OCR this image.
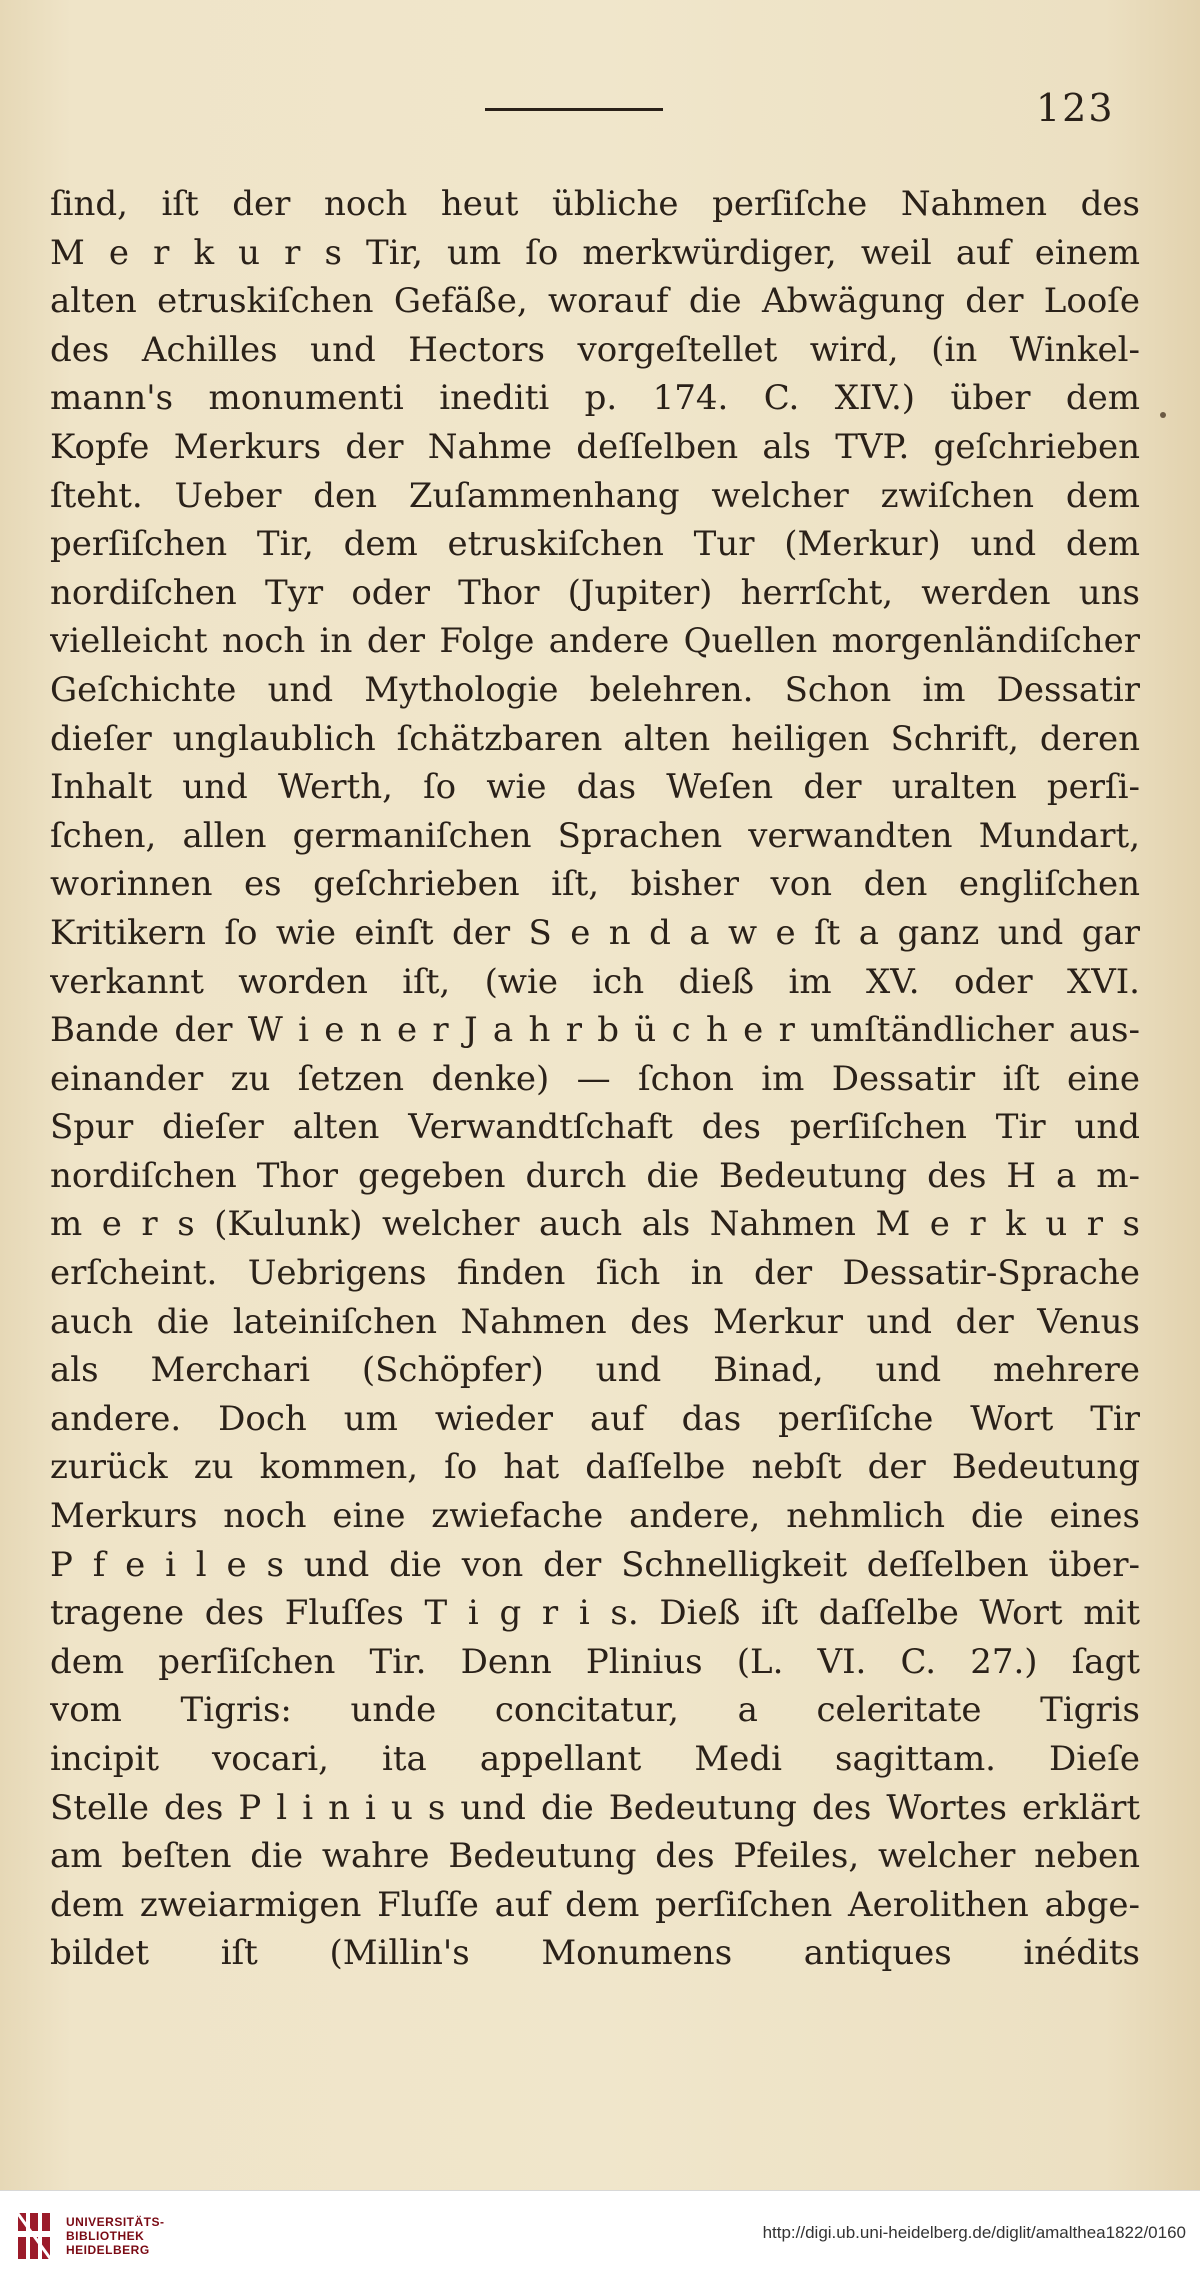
123
ſind, iſt der noch heut übliche perſiſche Nahmen des
M e r k u r s Tir, um ſo merkwürdiger, weil auf einem
alten etruskiſchen Gefäße, worauf die Abwägung der Looſe
des Achilles und Hectors vorgeſtellet wird, (in Winkel-
mann's monumenti inediti p. 174. C. XIV.) über dem
Kopfe Merkurs der Nahme deſſelben als TVP. geſchrieben
ſteht. Ueber den Zuſammenhang welcher zwiſchen dem
perſiſchen Tir, dem etruskiſchen Tur (Merkur) und dem
nordiſchen Tyr oder Thor (Jupiter) herrſcht, werden uns
vielleicht noch in der Folge andere Quellen morgenländiſcher
Geſchichte und Mythologie belehren. Schon im Dessatir
dieſer unglaublich ſchätzbaren alten heiligen Schrift, deren
Inhalt und Werth, ſo wie das Weſen der uralten perſi-
ſchen, allen germaniſchen Sprachen verwandten Mundart,
worinnen es geſchrieben iſt, bisher von den engliſchen
Kritikern ſo wie einſt der S e n d a w e ſt a ganz und gar
verkannt worden iſt, (wie ich dieß im XV. oder XVI.
Bande der W i e n e r J a h r b ü c h e r umſtändlicher aus-
einander zu ſetzen denke) — ſchon im Dessatir iſt eine
Spur dieſer alten Verwandtſchaft des perſiſchen Tir und
nordiſchen Thor gegeben durch die Bedeutung des H a m-
m e r s (Kulunk) welcher auch als Nahmen M e r k u r s
erſcheint. Uebrigens finden ſich in der Dessatir-Sprache
auch die lateiniſchen Nahmen des Merkur und der Venus
als Merchari (Schöpfer) und Binad, und mehrere
andere. Doch um wieder auf das perſiſche Wort Tir
zurück zu kommen, ſo hat daſſelbe nebſt der Bedeutung
Merkurs noch eine zwiefache andere, nehmlich die eines
P f e i l e s und die von der Schnelligkeit deſſelben über-
tragene des Fluſſes T i g r i s. Dieß iſt daſſelbe Wort mit
dem perſiſchen Tir. Denn Plinius (L. VI. C. 27.) ſagt
vom Tigris: unde concitatur, a celeritate Tigris
incipit vocari, ita appellant Medi sagittam. Dieſe
Stelle des P l i n i u s und die Bedeutung des Wortes erklärt
am beſten die wahre Bedeutung des Pfeiles, welcher neben
dem zweiarmigen Fluſſe auf dem perſiſchen Aerolithen abge-
bildet iſt (Millin's Monumens antiques inédits
UNIVERSITÄTS-
BIBLIOTHEK
HEIDELBERG
http://digi.ub.uni-heidelberg.de/diglit/amalthea1822/0160
